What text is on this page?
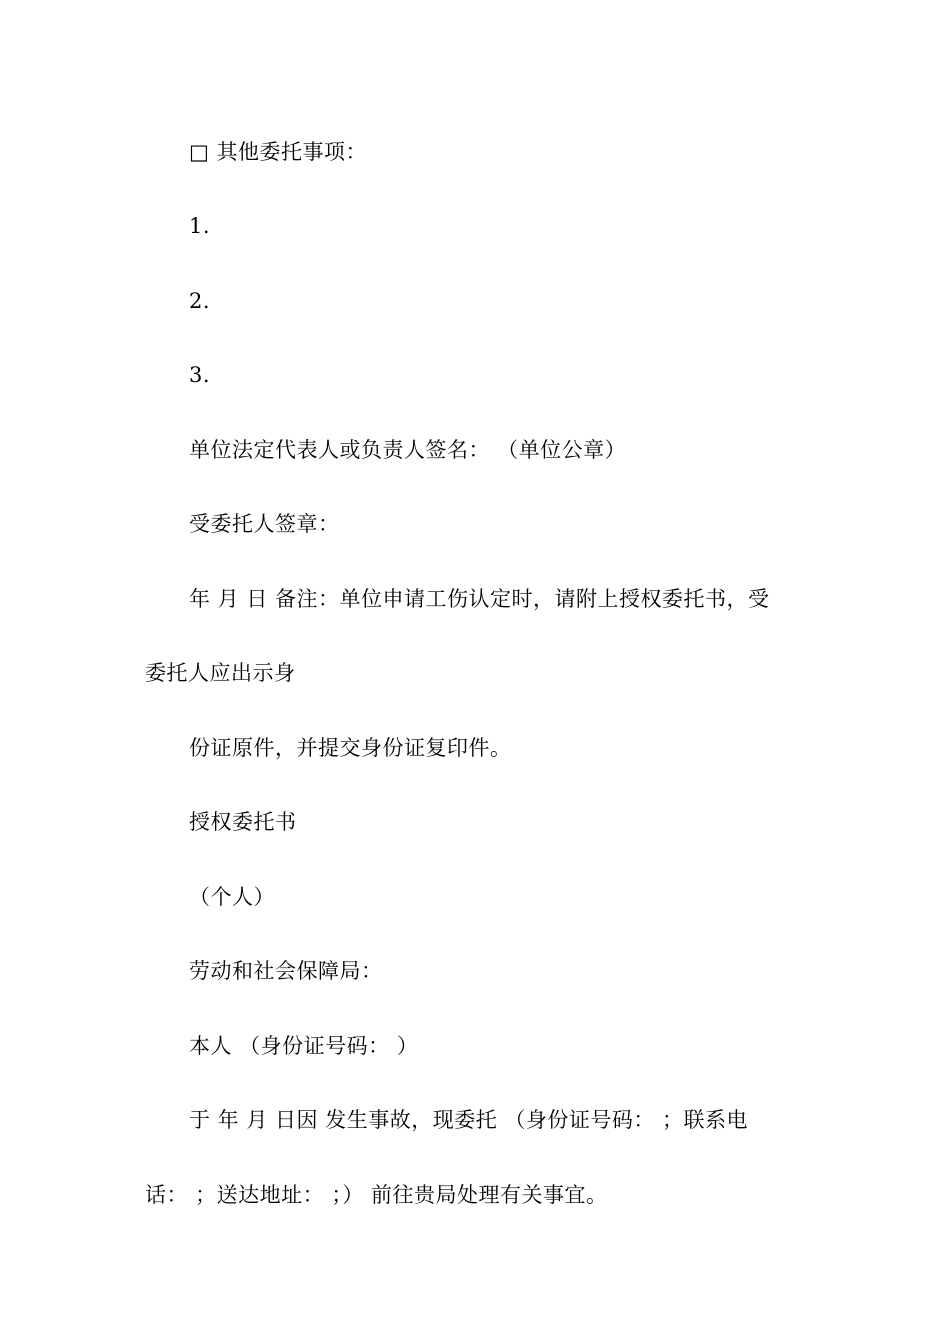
□ 其他委托事项：
1.
2.
3.
单位法定代表人或负责人签名： （单位公章）
受委托人签章：
年 月 日 备注：单位申请工伤认定时，请附上授权委托书，受
委托人应出示身
份证原件，并提交身份证复印件。
授权委托书
（个人）
劳动和社会保障局：
本人 （身份证号码： ）
于 年 月 日因 发生事故，现委托 （身份证号码： ；联系电
话： ；送达地址： ；） 前往贵局处理有关事宜。
